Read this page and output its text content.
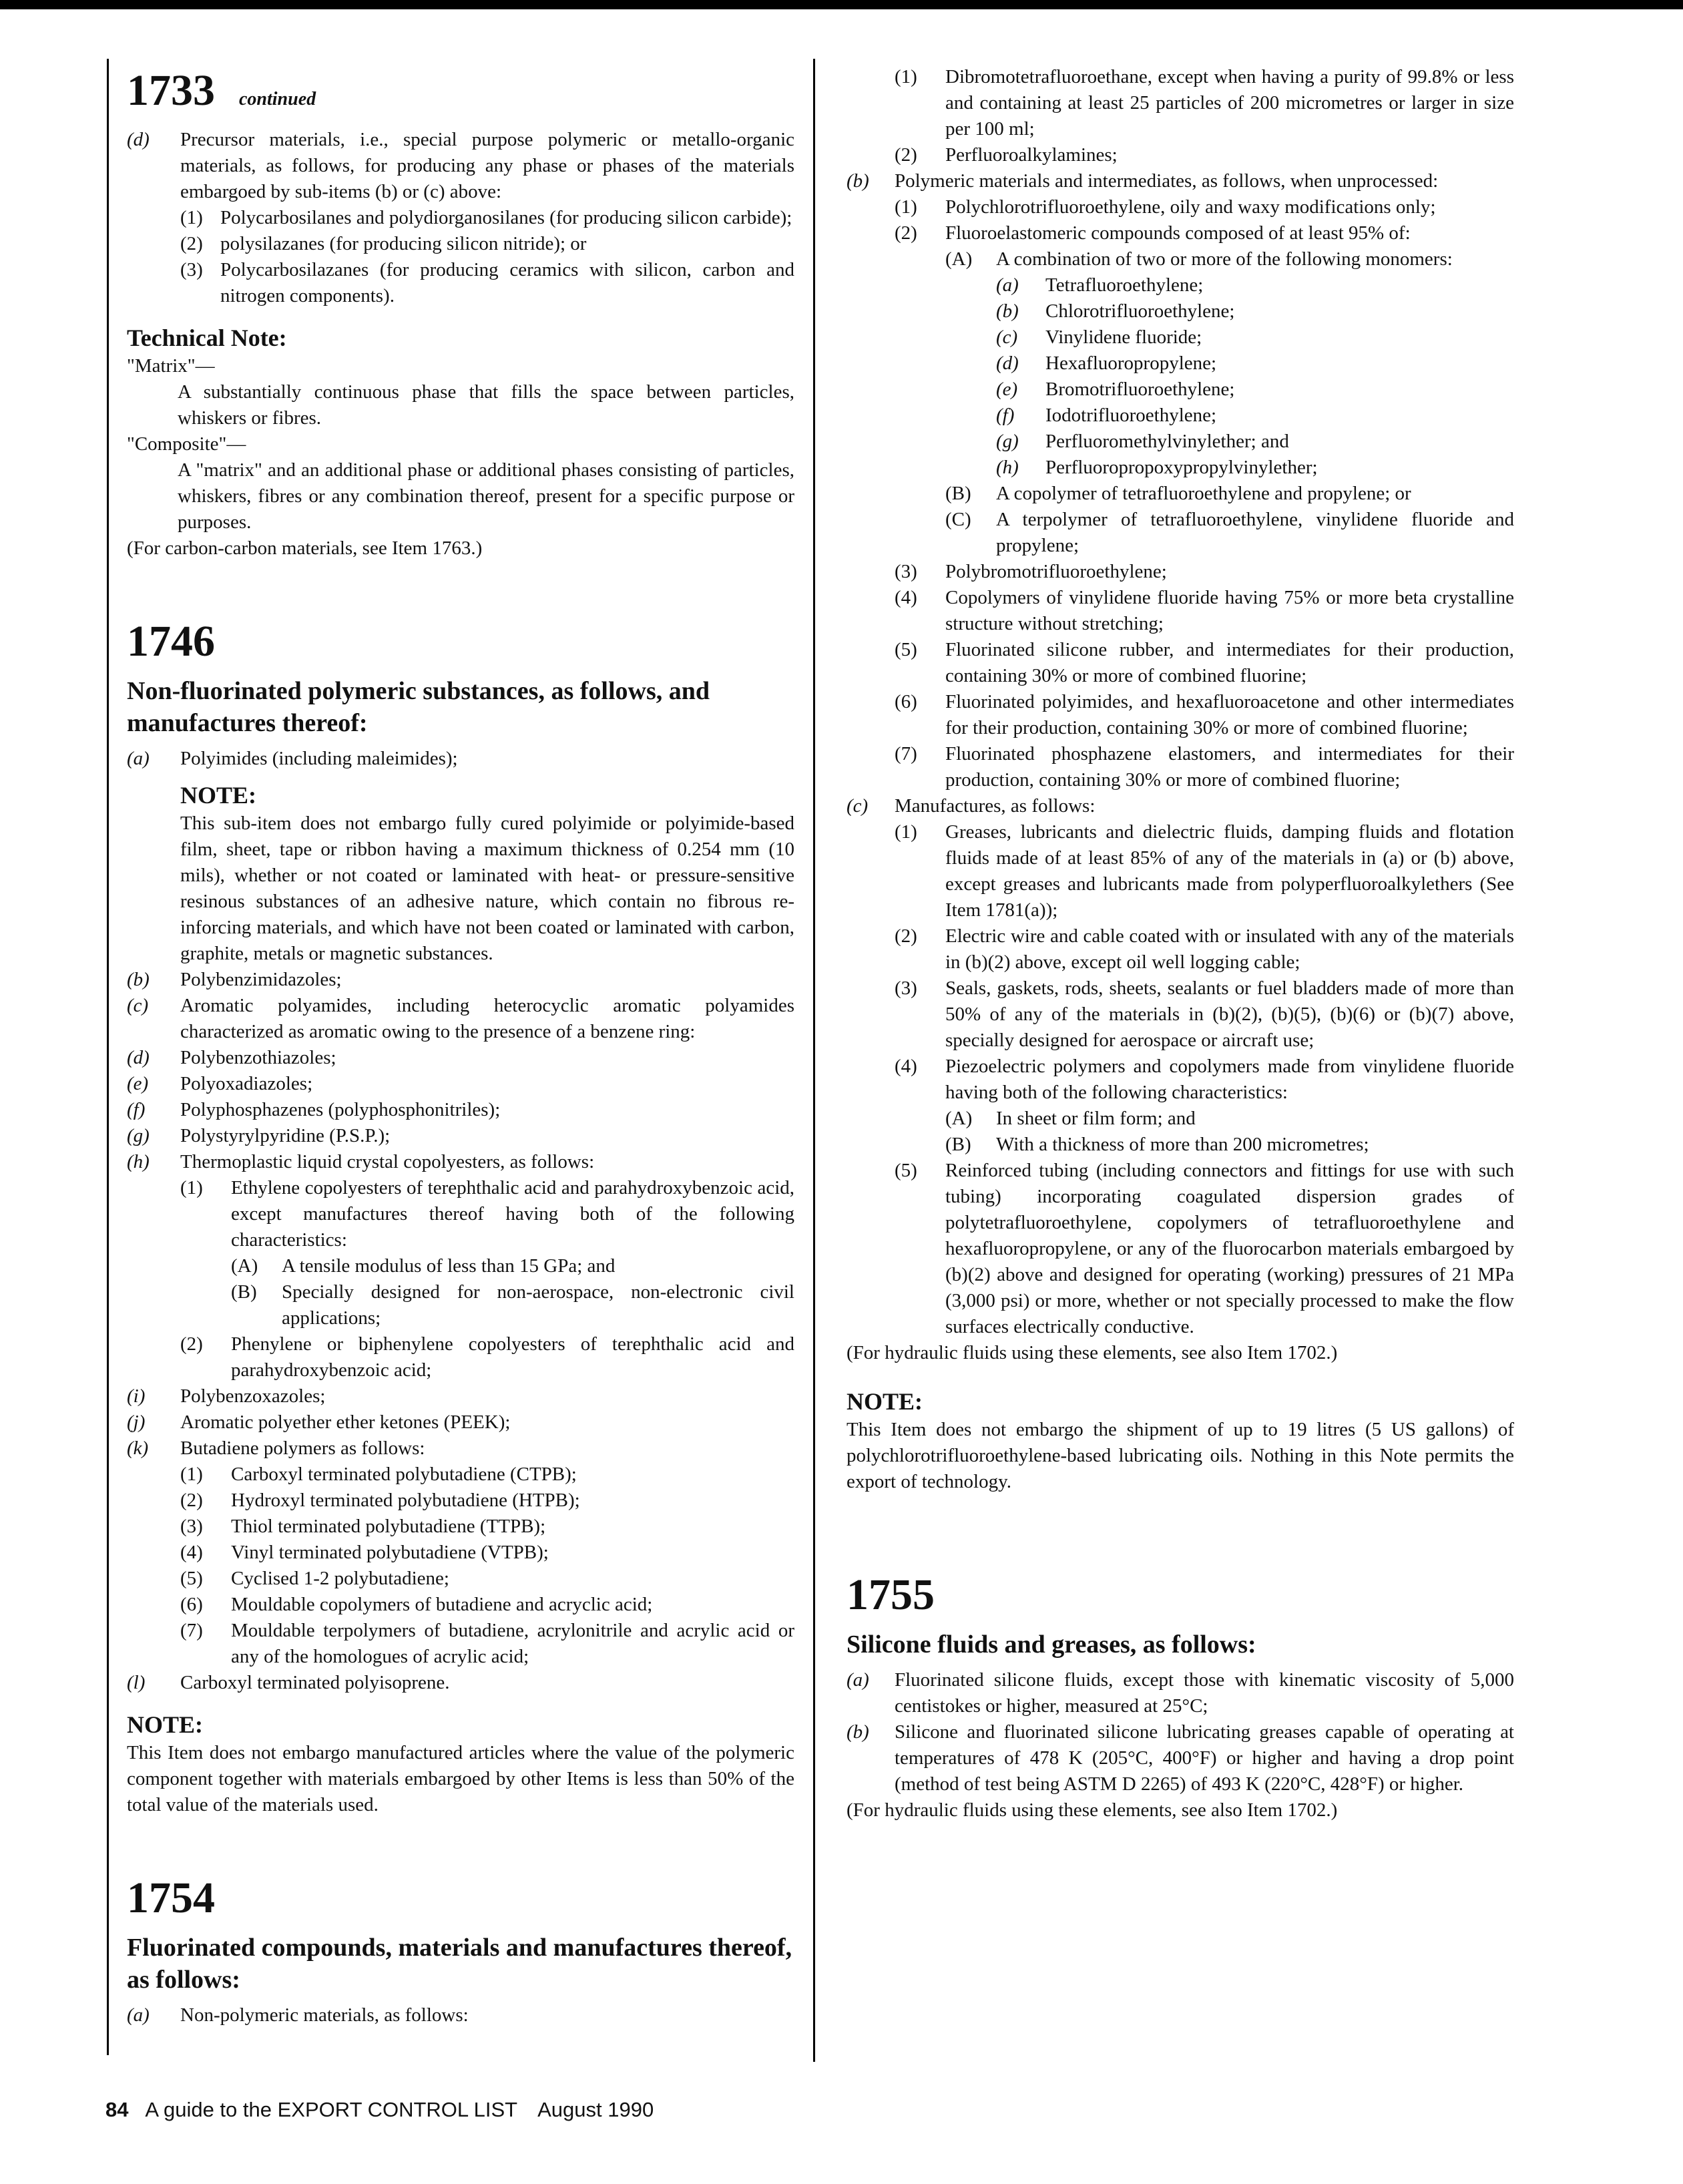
1733 continued
(d)	Precursor materials, i.e., special purpose polymeric or metallo-organic materials, as follows, for producing any phase or phases of the materials embargoed by sub-items (b) or (c) above:
(1) Polycarbosilanes and polydiorganosilanes (for producing silicon carbide);
(2) polysilazanes (for producing silicon nitride); or
(3) Polycarbosilazanes (for producing ceramics with silicon, carbon and nitrogen components).
Technical Note:
"Matrix"—
A substantially continuous phase that fills the space between particles, whiskers or fibres.
"Composite"—
A "matrix" and an additional phase or additional phases consisting of particles, whiskers, fibres or any combination thereof, present for a specific purpose or purposes.
(For carbon-carbon materials, see Item 1763.)
1746
Non-fluorinated polymeric substances, as follows, and manufactures thereof:
(a)	Polyimides (including maleimides);
NOTE:
This sub-item does not embargo fully cured polyimide or polyimide-based film, sheet, tape or ribbon having a maximum thickness of 0.254 mm (10 mils), whether or not coated or laminated with heat- or pressure-sensitive resinous substances of an adhesive nature, which contain no fibrous re-inforcing materials, and which have not been coated or laminated with carbon, graphite, metals or magnetic substances.
(b)	Polybenzimidazoles;
(c)	Aromatic polyamides, including heterocyclic aromatic polyamides characterized as aromatic owing to the presence of a benzene ring:
(d)	Polybenzothiazoles;
(e)	Polyoxadiazoles;
(f)	Polyphosphazenes (polyphosphonitriles);
(g)	Polystyrylpyridine (P.S.P.);
(h)	Thermoplastic liquid crystal copolyesters, as follows:
(1)	Ethylene copolyesters of terephthalic acid and parahydroxybenzoic acid, except manufactures thereof having both of the following characteristics:
(A)	A tensile modulus of less than 15 GPa; and
(B)	Specially designed for non-aerospace, non-electronic civil applications;
(2)	Phenylene or biphenylene copolyesters of terephthalic acid and parahydroxybenzoic acid;
(i)	Polybenzoxazoles;
(j)	Aromatic polyether ether ketones (PEEK);
(k)	Butadiene polymers as follows:
(1)	Carboxyl terminated polybutadiene (CTPB);
(2)	Hydroxyl terminated polybutadiene (HTPB);
(3)	Thiol terminated polybutadiene (TTPB);
(4)	Vinyl terminated polybutadiene (VTPB);
(5)	Cyclised 1-2 polybutadiene;
(6)	Mouldable copolymers of butadiene and acryclic acid;
(7)	Mouldable terpolymers of butadiene, acrylonitrile and acrylic acid or any of the homologues of acrylic acid;
(l)	Carboxyl terminated polyisoprene.
NOTE:
This Item does not embargo manufactured articles where the value of the polymeric component together with materials embargoed by other Items is less than 50% of the total value of the materials used.
1754
Fluorinated compounds, materials and manufactures thereof, as follows:
(a)	Non-polymeric materials, as follows:
(1)	Dibromotetrafluoroethane, except when having a purity of 99.8% or less and containing at least 25 particles of 200 micrometres or larger in size per 100 ml;
(2)	Perfluoroalkylamines;
(b)	Polymeric materials and intermediates, as follows, when unprocessed:
(1)	Polychlorotrifluoroethylene, oily and waxy modifications only;
(2)	Fluoroelastomeric compounds composed of at least 95% of:
(A)	A combination of two or more of the following monomers:
(a)	Tetrafluoroethylene;
(b)	Chlorotrifluoroethylene;
(c)	Vinylidene fluoride;
(d)	Hexafluoropropylene;
(e)	Bromotrifluoroethylene;
(f)	Iodotrifluoroethylene;
(g)	Perfluoromethylvinylether; and
(h)	Perfluoropropoxypropylvinylether;
(B)	A copolymer of tetrafluoroethylene and propylene; or
(C)	A terpolymer of tetrafluoroethylene, vinylidene fluoride and propylene;
(3)	Polybromotrifluoroethylene;
(4)	Copolymers of vinylidene fluoride having 75% or more beta crystalline structure without stretching;
(5)	Fluorinated silicone rubber, and intermediates for their production, containing 30% or more of combined fluorine;
(6)	Fluorinated polyimides, and hexafluoroacetone and other intermediates for their production, containing 30% or more of combined fluorine;
(7)	Fluorinated phosphazene elastomers, and intermediates for their production, containing 30% or more of combined fluorine;
(c)	Manufactures, as follows:
(1)	Greases, lubricants and dielectric fluids, damping fluids and flotation fluids made of at least 85% of any of the materials in (a) or (b) above, except greases and lubricants made from polyperfluoroalkylethers (See Item 1781(a));
(2)	Electric wire and cable coated with or insulated with any of the materials in (b)(2) above, except oil well logging cable;
(3)	Seals, gaskets, rods, sheets, sealants or fuel bladders made of more than 50% of any of the materials in (b)(2), (b)(5), (b)(6) or (b)(7) above, specially designed for aerospace or aircraft use;
(4)	Piezoelectric polymers and copolymers made from vinylidene fluoride having both of the following characteristics:
(A)	In sheet or film form; and
(B)	With a thickness of more than 200 micrometres;
(5)	Reinforced tubing (including connectors and fittings for use with such tubing) incorporating coagulated dispersion grades of polytetrafluoroethylene, copolymers of tetrafluoroethylene and hexafluoropropylene, or any of the fluorocarbon materials embargoed by (b)(2) above and designed for operating (working) pressures of 21 MPa (3,000 psi) or more, whether or not specially processed to make the flow surfaces electrically conductive.
(For hydraulic fluids using these elements, see also Item 1702.)
NOTE:
This Item does not embargo the shipment of up to 19 litres (5 US gallons) of polychlorotrifluoroethylene-based lubricating oils. Nothing in this Note permits the export of technology.
1755
Silicone fluids and greases, as follows:
(a)	Fluorinated silicone fluids, except those with kinematic viscosity of 5,000 centistokes or higher, measured at 25°C;
(b)	Silicone and fluorinated silicone lubricating greases capable of operating at temperatures of 478 K (205°C, 400°F) or higher and having a drop point (method of test being ASTM D 2265) of 493 K (220°C, 428°F) or higher.
(For hydraulic fluids using these elements, see also Item 1702.)
84 A guide to the EXPORT CONTROL LIST August 1990
